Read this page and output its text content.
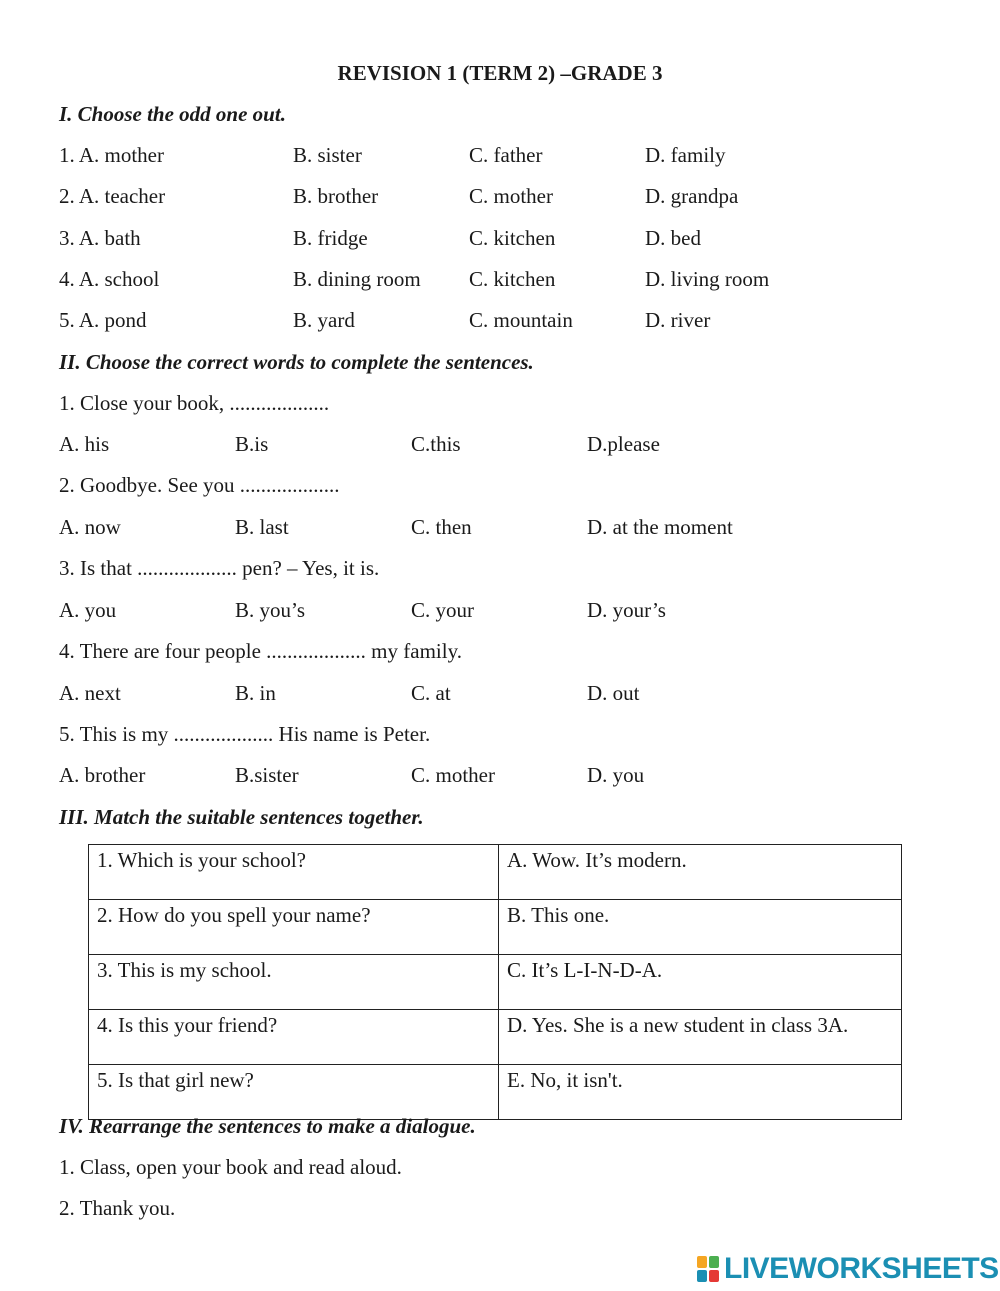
REVISION 1 (TERM 2) –GRADE 3
I. Choose the odd one out.
1. A. mother	B. sister	C. father	D. family
2. A. teacher	B. brother	C. mother	D. grandpa
3. A. bath	B. fridge	C. kitchen	D. bed
4. A. school	B. dining room C. kitchen	D. living room
5. A. pond	B. yard	C. mountain	D. river
II. Choose the correct words to complete the sentences.
1. Close your book, ...................
A. his	B.is	C.this	D.please
2. Goodbye. See you ...................
A. now	B. last	C. then	D. at the moment
3. Is that ................... pen? – Yes, it is.
A. you	B. you’s	C. your	D. your’s
4. There are four people ................... my family.
A. next	B. in	C. at	D. out
5. This is my ................... His name is Peter.
A. brother	B.sister	C. mother	D. you
III. Match the suitable sentences together.
1. Which is your school?	A. Wow. It’s modern.
2. How do you spell your name?	B. This one.
3. This is my school.	C. It’s L-I-N-D-A.
4. Is this your friend?	D. Yes. She is a new student in class 3A.
5. Is that girl new?	E. No, it isn't.
IV. Rearrange the sentences to make a dialogue.
1. Class, open your book and read aloud.
2. Thank you.
LIVEWORKSHEETS
